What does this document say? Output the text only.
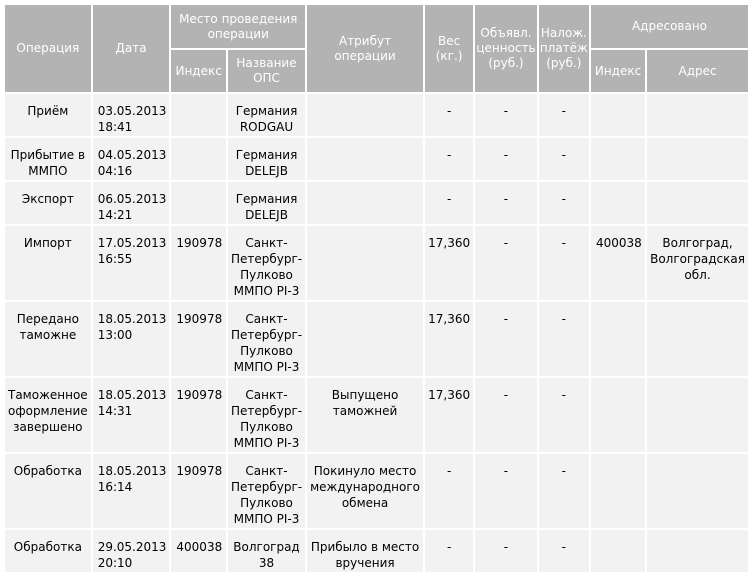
Операция	Дата	Место проведения операции		Атрибут операции	Вес (кг.)	Объявл. ценность (руб.)	Налож. платёж (руб.)	Адресовано	
		Индекс	Название ОПС					Индекс	Адрес
Приём	03.05.2013 18:41		Германия RODGAU		-	-	-		
Прибытие в ММПО	04.05.2013 04:16		Германия DELEJB		-	-	-		
Экспорт	06.05.2013 14:21		Германия DELEJB		-	-	-		
Импорт	17.05.2013 16:55	190978	Санкт-Петербург-Пулково ММПО PI-3		17,360	-	-	400038	Волгоград, Волгоградская обл.
Передано таможне	18.05.2013 13:00	190978	Санкт-Петербург-Пулково ММПО PI-3		17,360	-	-		
Таможенное оформление завершено	18.05.2013 14:31	190978	Санкт-Петербург-Пулково ММПО PI-3	Выпущено таможней	17,360	-	-		
Обработка	18.05.2013 16:14	190978	Санкт-Петербург-Пулково ММПО PI-3	Покинуло место международного обмена	-	-	-		
Обработка	29.05.2013 20:10	400038	Волгоград 38	Прибыло в место вручения	-	-	-		
